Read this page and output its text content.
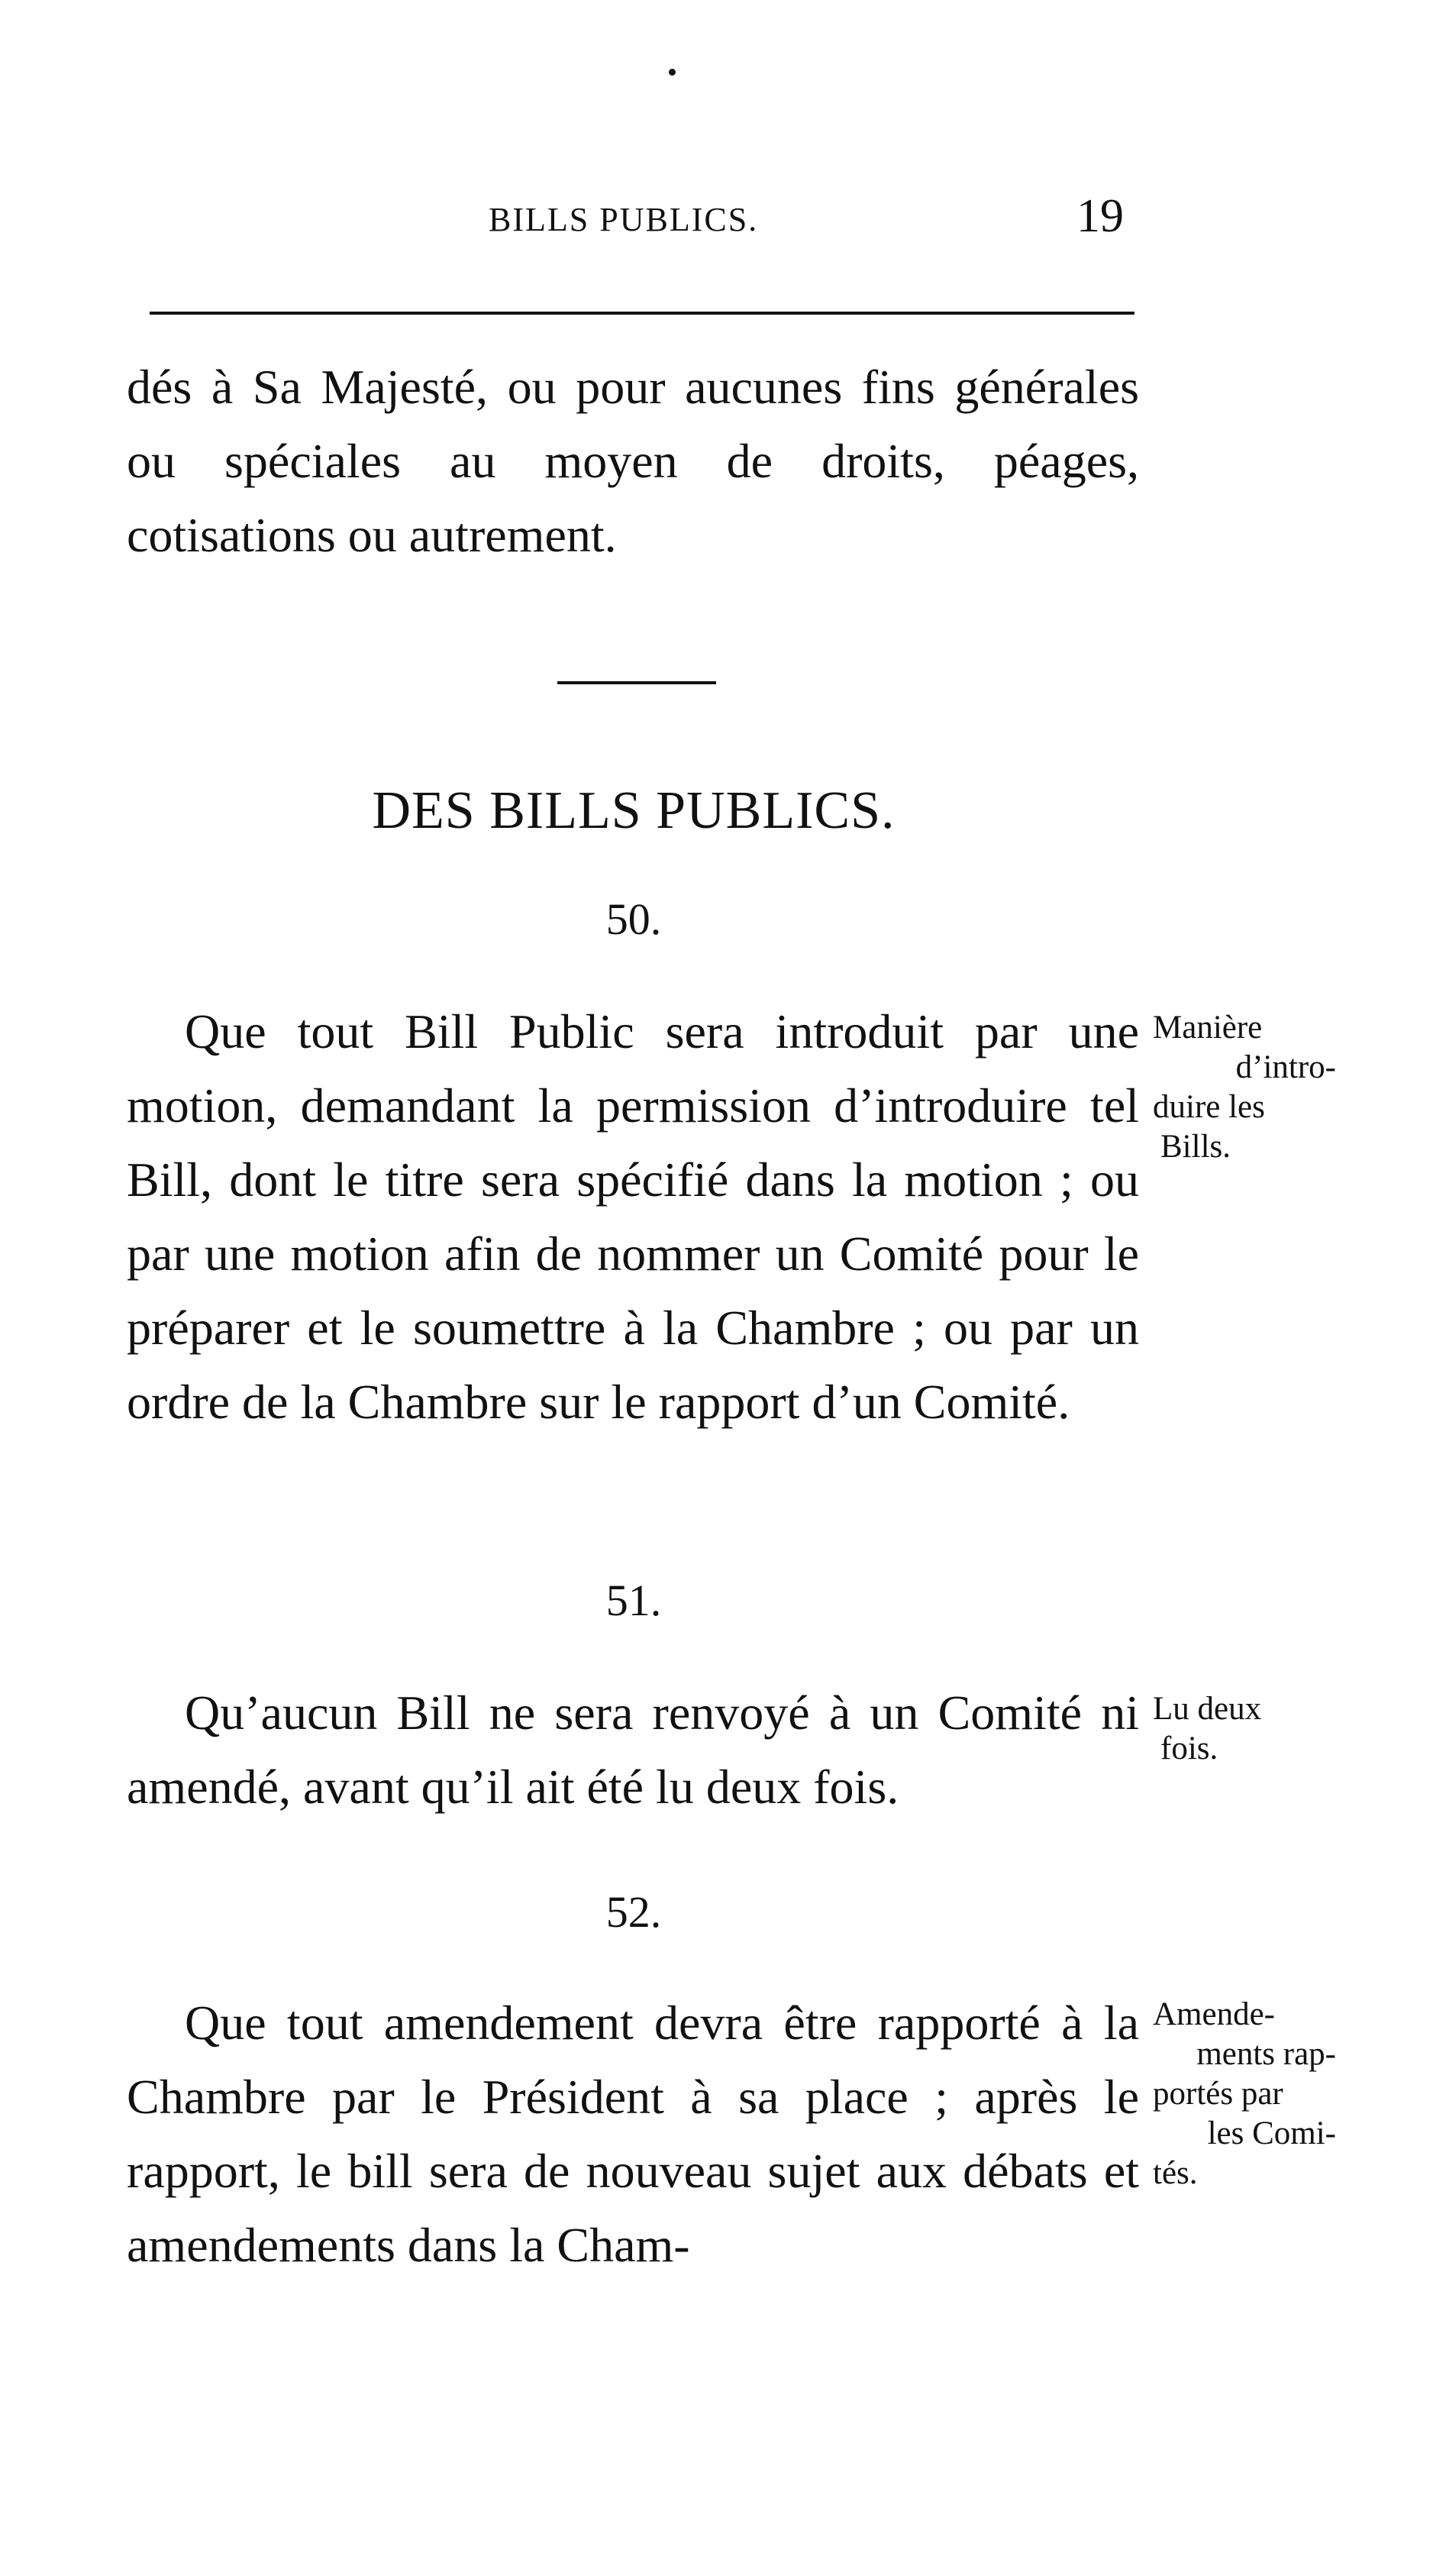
BILLS PUBLICS.	19

dés à Sa Majesté, ou pour aucunes fins générales ou spéciales au moyen de droits, péages, cotisations ou autrement.

DES BILLS PUBLICS.
50.

Que tout Bill Public sera introduit par une motion, demandant la permission d’introduire tel Bill, dont le titre sera spécifié dans la motion ; ou par une motion afin de nommer un Comité pour le préparer et le soumettre à la Chambre ; ou par un ordre de la Chambre sur le rapport d’un Comité.

Manière
d’intro-
duire les
Bills.
51.

Qu’aucun Bill ne sera renvoyé à un Comité ni amendé, avant qu’il ait été lu deux fois.

Lu deux
fois.
52.

Que tout amendement devra être rapporté à la Chambre par le Président à sa place ; après le rapport, le bill sera de nouveau sujet aux débats et amendements dans la Cham-

Amende-
ments rap-
portés par
les Comi-
tés.
